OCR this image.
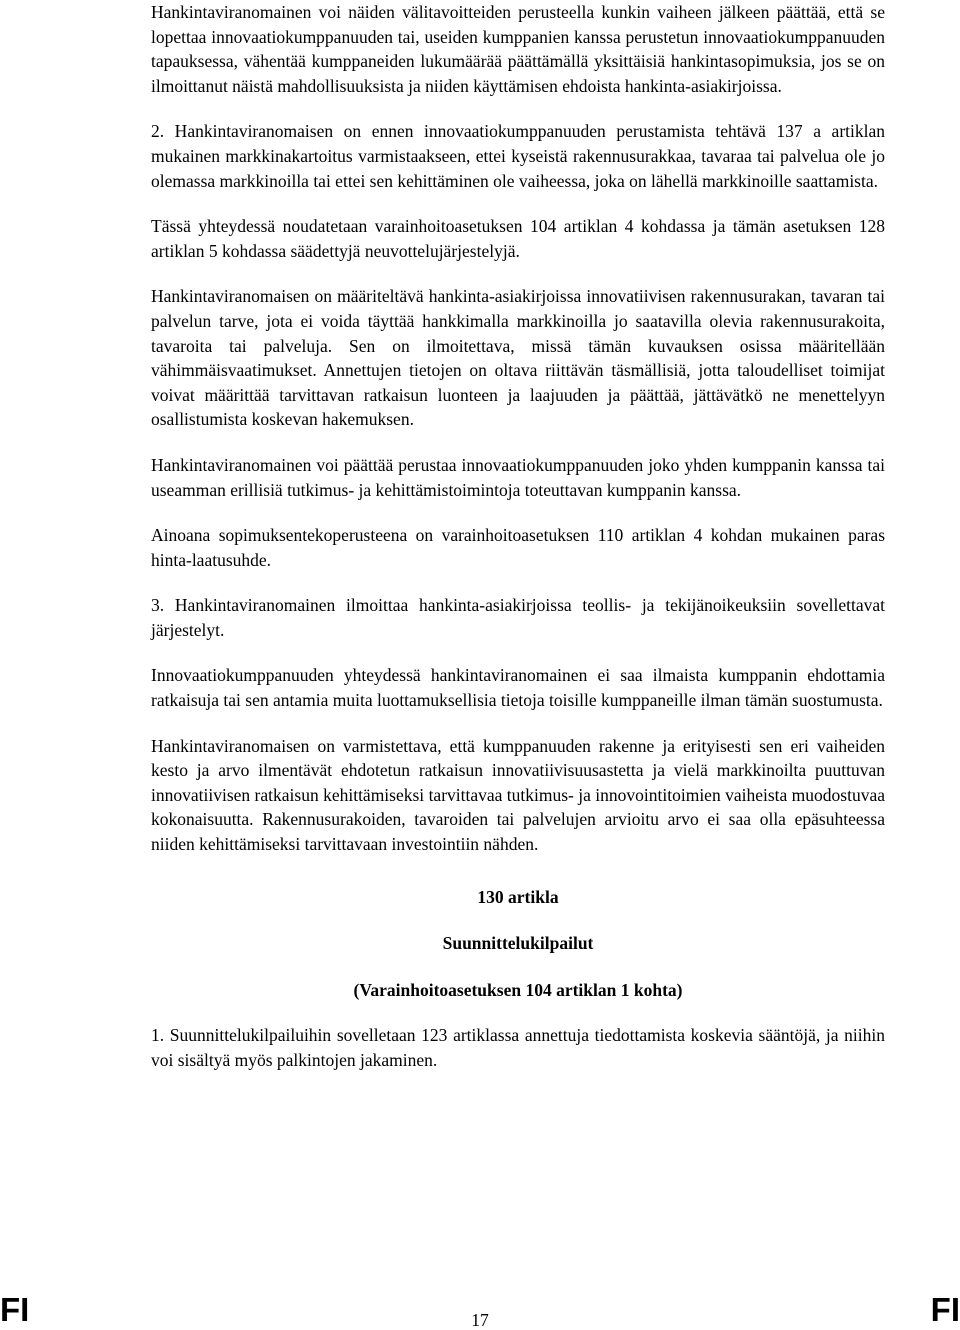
Hankintaviranomainen voi näiden välitavoitteiden perusteella kunkin vaiheen jälkeen päättää, että se lopettaa innovaatiokumppanuuden tai, useiden kumppanien kanssa perustetun innovaatiokumppanuuden tapauksessa, vähentää kumppaneiden lukumäärää päättämällä yksittäisiä hankintasopimuksia, jos se on ilmoittanut näistä mahdollisuuksista ja niiden käyttämisen ehdoista hankinta-asiakirjoissa.

2. Hankintaviranomaisen on ennen innovaatiokumppanuuden perustamista tehtävä 137 a artiklan mukainen markkinakartoitus varmistaakseen, ettei kyseistä rakennusurakkaa, tavaraa tai palvelua ole jo olemassa markkinoilla tai ettei sen kehittäminen ole vaiheessa, joka on lähellä markkinoille saattamista.

Tässä yhteydessä noudatetaan varainhoitoasetuksen 104 artiklan 4 kohdassa ja tämän asetuksen 128 artiklan 5 kohdassa säädettyjä neuvottelujärjestelyjä.

Hankintaviranomaisen on määriteltävä hankinta-asiakirjoissa innovatiivisen rakennusurakan, tavaran tai palvelun tarve, jota ei voida täyttää hankkimalla markkinoilla jo saatavilla olevia rakennusurakoita, tavaroita tai palveluja. Sen on ilmoitettava, missä tämän kuvauksen osissa määritellään vähimmäisvaatimukset. Annettujen tietojen on oltava riittävän täsmällisiä, jotta taloudelliset toimijat voivat määrittää tarvittavan ratkaisun luonteen ja laajuuden ja päättää, jättävätkö ne menettelyyn osallistumista koskevan hakemuksen.

Hankintaviranomainen voi päättää perustaa innovaatiokumppanuuden joko yhden kumppanin kanssa tai useamman erillisiä tutkimus- ja kehittämistoimintoja toteuttavan kumppanin kanssa.

Ainoana sopimuksentekoperusteena on varainhoitoasetuksen 110 artiklan 4 kohdan mukainen paras hinta-laatusuhde.

3. Hankintaviranomainen ilmoittaa hankinta-asiakirjoissa teollis- ja tekijänoikeuksiin sovellettavat järjestelyt.

Innovaatiokumppanuuden yhteydessä hankintaviranomainen ei saa ilmaista kumppanin ehdottamia ratkaisuja tai sen antamia muita luottamuksellisia tietoja toisille kumppaneille ilman tämän suostumusta.

Hankintaviranomaisen on varmistettava, että kumppanuuden rakenne ja erityisesti sen eri vaiheiden kesto ja arvo ilmentävät ehdotetun ratkaisun innovatiivisuusastetta ja vielä markkinoilta puuttuvan innovatiivisen ratkaisun kehittämiseksi tarvittavaa tutkimus- ja innovointitoimien vaiheista muodostuvaa kokonaisuutta. Rakennusurakoiden, tavaroiden tai palvelujen arvioitu arvo ei saa olla epäsuhteessa niiden kehittämiseksi tarvittavaan investointiin nähden.

130 artikla
Suunnittelukilpailut
(Varainhoitoasetuksen 104 artiklan 1 kohta)

1. Suunnittelukilpailuihin sovelletaan 123 artiklassa annettuja tiedottamista koskevia sääntöjä, ja niihin voi sisältyä myös palkintojen jakaminen.

FI	17	FI
